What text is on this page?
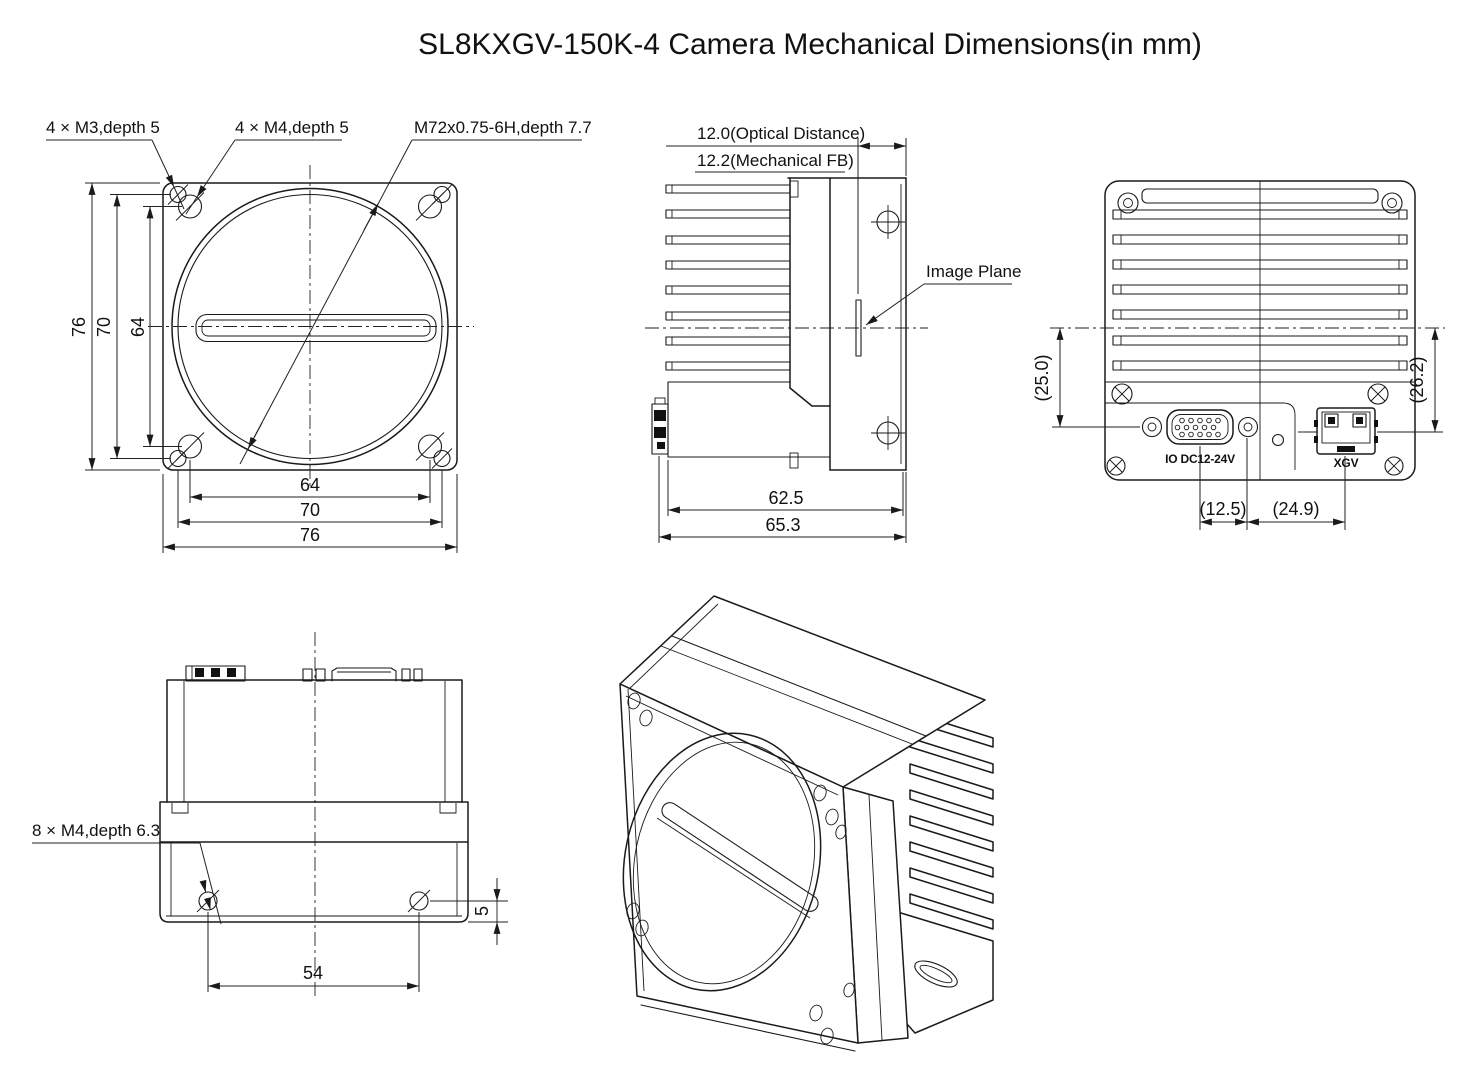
SL8KXGV-150K-4 Camera Mechanical Dimensions(in mm)
76 70 64
64
70
76
4 × M3,depth 5	4 × M4,depth 5	M72x0.75-6H,depth 7.7	12.0(Optical Distance)
12.2(Mechanical FB)
Image Plane
62.5
65.3
IO DC12-24V	XGV
(25.0)	(26.2)
(12.5) (24.9)
8 × M4,depth 6.3
54
5
